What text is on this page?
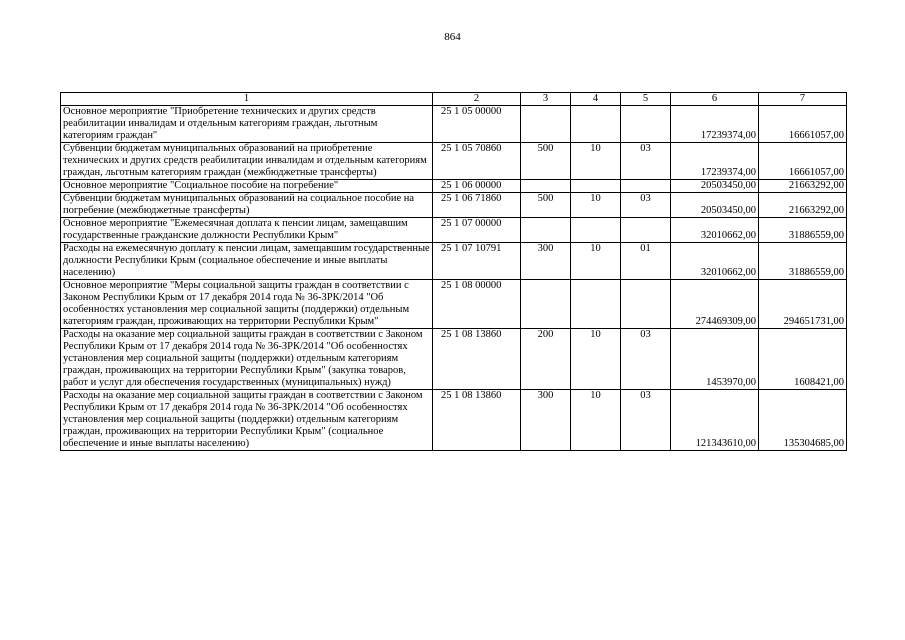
864
1	2	3	4	5	6	7
Основное мероприятие "Приобретение технических и других средств реабилитации инвалидам и отдельным категориям граждан, льготным категориям граждан"	25 1 05 00000				17239374,00	16661057,00
Субвенции бюджетам муниципальных образований на приобретение технических и других средств реабилитации инвалидам и отдельным категориям граждан, льготным категориям граждан (межбюджетные трансферты)	25 1 05 70860	500	10	03	17239374,00	16661057,00
Основное мероприятие "Социальное пособие на погребение"	25 1 06 00000				20503450,00	21663292,00
Субвенции бюджетам муниципальных образований на социальное пособие на погребение (межбюджетные трансферты)	25 1 06 71860	500	10	03	20503450,00	21663292,00
Основное мероприятие "Ежемесячная доплата к пенсии лицам, замещавшим государственные гражданские должности Республики Крым"	25 1 07 00000				32010662,00	31886559,00
Расходы на ежемесячную доплату к пенсии лицам, замещавшим государственные должности Республики Крым (социальное обеспечение и иные выплаты населению)	25 1 07 10791	300	10	01	32010662,00	31886559,00
Основное мероприятие "Меры социальной защиты граждан в соответствии с Законом Республики Крым от 17 декабря 2014 года № 36-ЗРК/2014 "Об особенностях установления мер социальной защиты (поддержки) отдельным категориям граждан, проживающих на территории Республики Крым"	25 1 08 00000				274469309,00	294651731,00
Расходы на оказание мер социальной защиты граждан в соответствии с Законом Республики Крым от 17 декабря 2014 года № 36-ЗРК/2014 "Об особенностях установления мер социальной защиты (поддержки) отдельным категориям граждан, проживающих на территории Республики Крым" (закупка товаров, работ и услуг для обеспечения государственных (муниципальных) нужд)	25 1 08 13860	200	10	03	1453970,00	1608421,00
Расходы на оказание мер социальной защиты граждан в соответствии с Законом Республики Крым от 17 декабря 2014 года № 36-ЗРК/2014 "Об особенностях установления мер социальной защиты (поддержки) отдельным категориям граждан, проживающих на территории Республики Крым" (социальное обеспечение и иные выплаты населению)	25 1 08 13860	300	10	03	121343610,00	135304685,00
